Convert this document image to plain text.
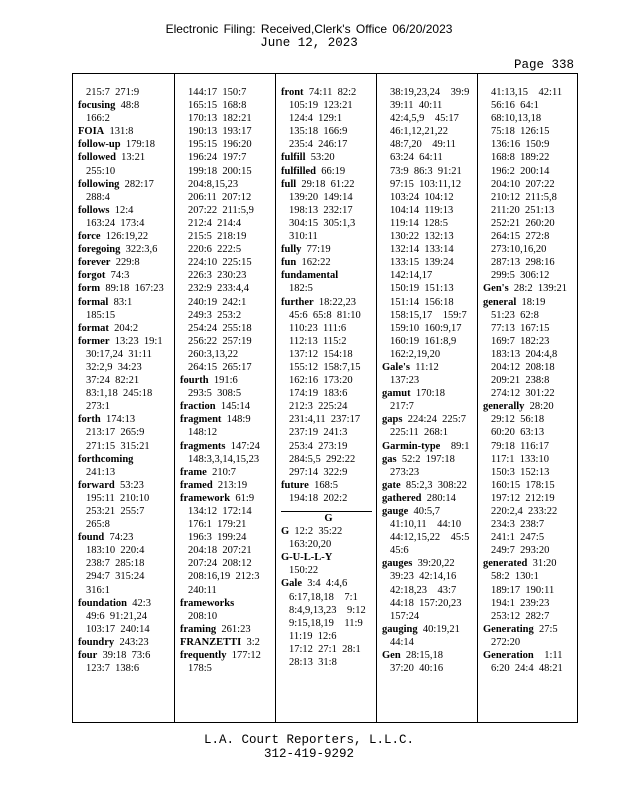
Electronic Filing: Received,Clerk's Office 06/20/2023
June 12, 2023
Page 338
215:7  271:9
focusing  48:8
166:2
FOIA  131:8
follow-up  179:18
followed  13:21
255:10
following  282:17
288:4
follows  12:4
163:24  173:4
force  126:19,22
foregoing  322:3,6
forever  229:8
forgot  74:3
form  89:18  167:23
formal  83:1
185:15
format  204:2
former  13:23  19:1
30:17,24  31:11
32:2,9  34:23
37:24  82:21
83:1,18  245:18
273:1
forth  174:13
213:17  265:9
271:15  315:21
forthcoming
241:13
forward  53:23
195:11  210:10
253:21  255:7
265:8
found  74:23
183:10  220:4
238:7  285:18
294:7  315:24
316:1
foundation  42:3
49:6  91:21,24
103:17  240:14
foundry  243:23
four  39:18  73:6
123:7  138:6
144:17  150:7
165:15  168:8
170:13  182:21
190:13  193:17
195:15  196:20
196:24  197:7
199:18  200:15
204:8,15,23
206:11  207:12
207:22  211:5,9
212:4  214:4
215:5  218:19
220:6  222:5
224:10  225:15
226:3  230:23
232:9  233:4,4
240:19  242:1
249:3  253:2
254:24  255:18
256:22  257:19
260:3,13,22
264:15  265:17
fourth  191:6
293:5  308:5
fraction  145:14
fragment  148:9
148:12
fragments  147:24
148:3,3,14,15,23
frame  210:7
framed  213:19
framework  61:9
134:12  172:14
176:1  179:21
196:3  199:24
204:18  207:21
207:24  208:12
208:16,19  212:3
240:11
frameworks
208:10
framing  261:23
FRANZETTI  3:2
frequently  177:12
178:5
front  74:11  82:2
105:19  123:21
124:4  129:1
135:18  166:9
235:4  246:17
fulfill  53:20
fulfilled  66:19
full  29:18  61:22
139:20  149:14
198:13  232:17
304:15  305:1,3
310:11
fully  77:19
fun  162:22
fundamental
182:5
further  18:22,23
45:6  65:8  81:10
110:23  111:6
112:13  115:2
137:12  154:18
155:12  158:7,15
162:16  173:20
174:19  183:6
212:3  225:24
231:4,11  237:17
237:19  241:3
253:4  273:19
284:5,5  292:22
297:14  322:9
future  168:5
194:18  202:2
G
G  12:2  35:22
163:20,20
G-U-L-L-Y
150:22
Gale  3:4  4:4,6
6:17,18,18    7:1
8:4,9,13,23    9:12
9:15,18,19    11:9
11:19  12:6
17:12  27:1  28:1
28:13  31:8
38:19,23,24    39:9
39:11  40:11
42:4,5,9    45:17
46:1,12,21,22
48:7,20    49:11
63:24  64:11
73:9  86:3  91:21
97:15  103:11,12
103:24  104:12
104:14  119:13
119:14  128:5
130:22  132:13
132:14  133:14
133:15  139:24
142:14,17
150:19  151:13
151:14  156:18
158:15,17    159:7
159:10  160:9,17
160:19  161:8,9
162:2,19,20
Gale's  11:12
137:23
gamut  170:18
217:7
gaps  224:24  225:7
225:11  268:1
Garmin-type    89:1
gas  52:2  197:18
273:23
gate  85:2,3  308:22
gathered  280:14
gauge  40:5,7
41:10,11    44:10
44:12,15,22    45:5
45:6
gauges  39:20,22
39:23  42:14,16
42:18,23    43:7
44:18  157:20,23
157:24
gauging  40:19,21
44:14
Gen  28:15,18
37:20  40:16
41:13,15    42:11
56:16  64:1
68:10,13,18
75:18  126:15
136:16  150:9
168:8  189:22
196:2  200:14
204:10  207:22
210:12  211:5,8
211:20  251:13
252:21  260:20
264:15  272:8
273:10,16,20
287:13  298:16
299:5  306:12
Gen's  28:2  139:21
general  18:19
51:23  62:8
77:13  167:15
169:7  182:23
183:13  204:4,8
204:12  208:18
209:21  238:8
274:12  301:22
generally  28:20
29:12  56:18
60:20  63:13
79:18  116:17
117:1  133:10
150:3  152:13
160:15  178:15
197:12  212:19
220:2,4  233:22
234:3  238:7
241:1  247:5
249:7  293:20
generated  31:20
58:2  130:1
189:17  190:11
194:1  239:23
253:12  282:7
Generating  27:5
272:20
Generation    1:11
6:20  24:4  48:21
L.A. Court Reporters, L.L.C.
312-419-9292
